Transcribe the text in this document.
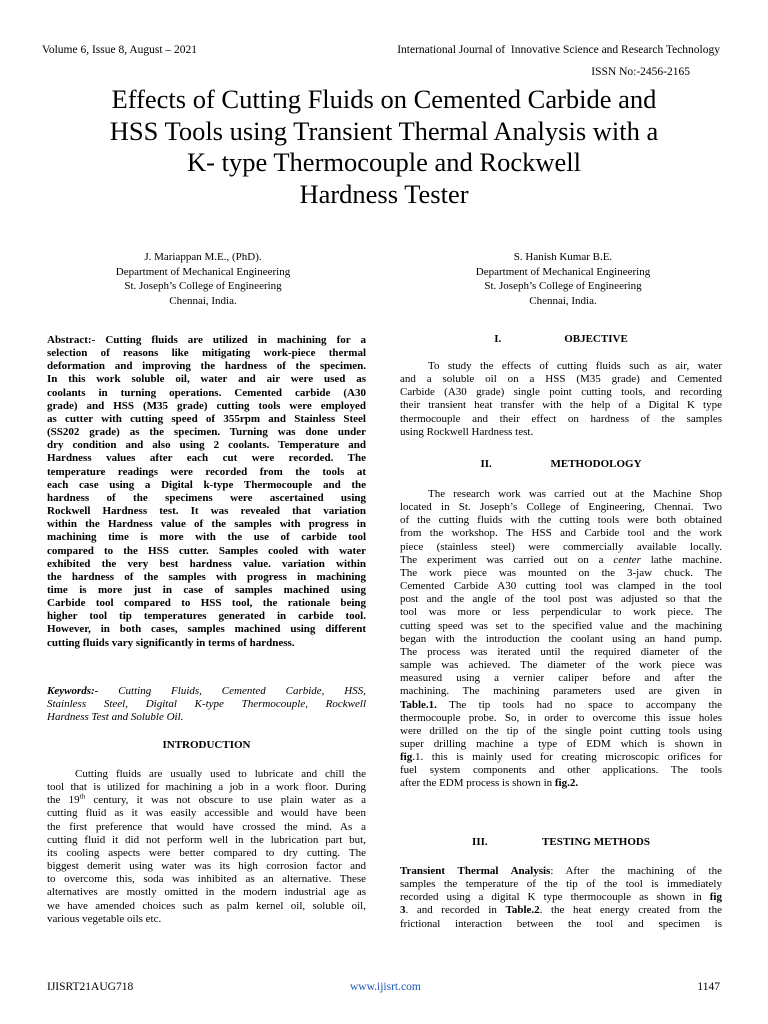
Volume 6, Issue 8, August – 2021	International Journal of  Innovative Science and Research Technology
ISSN No:-2456-2165
Effects of Cutting Fluids on Cemented Carbide and
HSS Tools using Transient Thermal Analysis with a
K- type Thermocouple and Rockwell
Hardness Tester
J. Mariappan M.E., (PhD).
Department of Mechanical Engineering
St. Joseph’s College of Engineering
Chennai, India.
S. Hanish Kumar B.E.
Department of Mechanical Engineering
St. Joseph’s College of Engineering
Chennai, India.
Abstract:- Cutting fluids are utilized in machining for a
selection of reasons like mitigating work-piece thermal
deformation and improving the hardness of the specimen.
In this work soluble oil, water and air were used as
coolants in turning operations. Cemented carbide (A30
grade) and HSS (M35 grade) cutting tools were employed
as cutter with cutting speed of 355rpm and Stainless Steel
(SS202 grade) as the specimen. Turning was done under
dry condition and also using 2 coolants. Temperature and
Hardness values after each cut were recorded. The
temperature readings were recorded from the tools at
each case using a Digital k-type Thermocouple and the
hardness of the specimens were ascertained using
Rockwell Hardness test. It was revealed that variation
within the Hardness value of the samples with progress in
machining time is more with the use of carbide tool
compared to the HSS cutter. Samples cooled with water
exhibited the very best hardness value. variation within
the hardness of the samples with progress in machining
time is more just in case of samples machined using
Carbide tool compared to HSS tool, the rationale being
higher tool tip temperatures generated in carbide tool.
However, in both cases, samples machined using different
cutting fluids vary significantly in terms of hardness.
Keywords:- Cutting Fluids, Cemented Carbide, HSS,
Stainless Steel, Digital K-type Thermocouple, Rockwell
Hardness Test and Soluble Oil.
INTRODUCTION
Cutting fluids are usually used to lubricate and chill the
tool that is utilized for machining a job in a work floor. During
the 19th century, it was not obscure to use plain water as a
cutting fluid as it was easily accessible and would have been
the first preference that would have crossed the mind. As a
cutting fluid it did not perform well in the lubrication part but,
its cooling aspects were better compared to dry cutting. The
biggest demerit using water was its high corrosion factor and
to overcome this, soda was inhibited as an alternative. These
alternatives are mostly omitted in the modern industrial age as
we have amended choices such as palm kernel oil, soluble oil,
various vegetable oils etc.
I.	OBJECTIVE
To study the effects of cutting fluids such as air, water
and a soluble oil on a HSS (M35 grade) and Cemented
Carbide (A30 grade) single point cutting tools, and recording
their transient heat transfer with the help of a Digital K type
thermocouple and their effect on hardness of the samples
using Rockwell Hardness test.
II.	METHODOLOGY
The research work was carried out at the Machine Shop
located in St. Joseph’s College of Engineering, Chennai. Two
of the cutting fluids with the cutting tools were both obtained
from the workshop. The HSS and Carbide tool and the work
piece (stainless steel) were commercially available locally.
The experiment was carried out on a center lathe machine.
The work piece was mounted on the 3-jaw chuck. The
Cemented Carbide A30 cutting tool was clamped in the tool
post and the angle of the tool post was adjusted so that the
tool was more or less perpendicular to work piece. The
cutting speed was set to the specified value and the machining
began with the introduction the coolant using an hand pump.
The process was iterated until the required diameter of the
sample was achieved. The diameter of the work piece was
measured using a vernier caliper before and after the
machining. The machining parameters used are given in
Table.1. The tip tools had no space to accompany the
thermocouple probe. So, in order to overcome this issue holes
were drilled on the tip of the single point cutting tools using
super drilling machine a type of EDM which is shown in
fig.1. this is mainly used for creating microscopic orifices for
fuel system components and other applications. The tools
after the EDM process is shown in fig.2.
III.	TESTING METHODS
Transient Thermal Analysis: After the machining of the
samples the temperature of the tip of the tool is immediately
recorded using a digital K type thermocouple as shown in fig
3. and recorded in Table.2. the heat energy created from the
frictional interaction between the tool and specimen is
IJISRT21AUG718	www.ijisrt.com	1147
